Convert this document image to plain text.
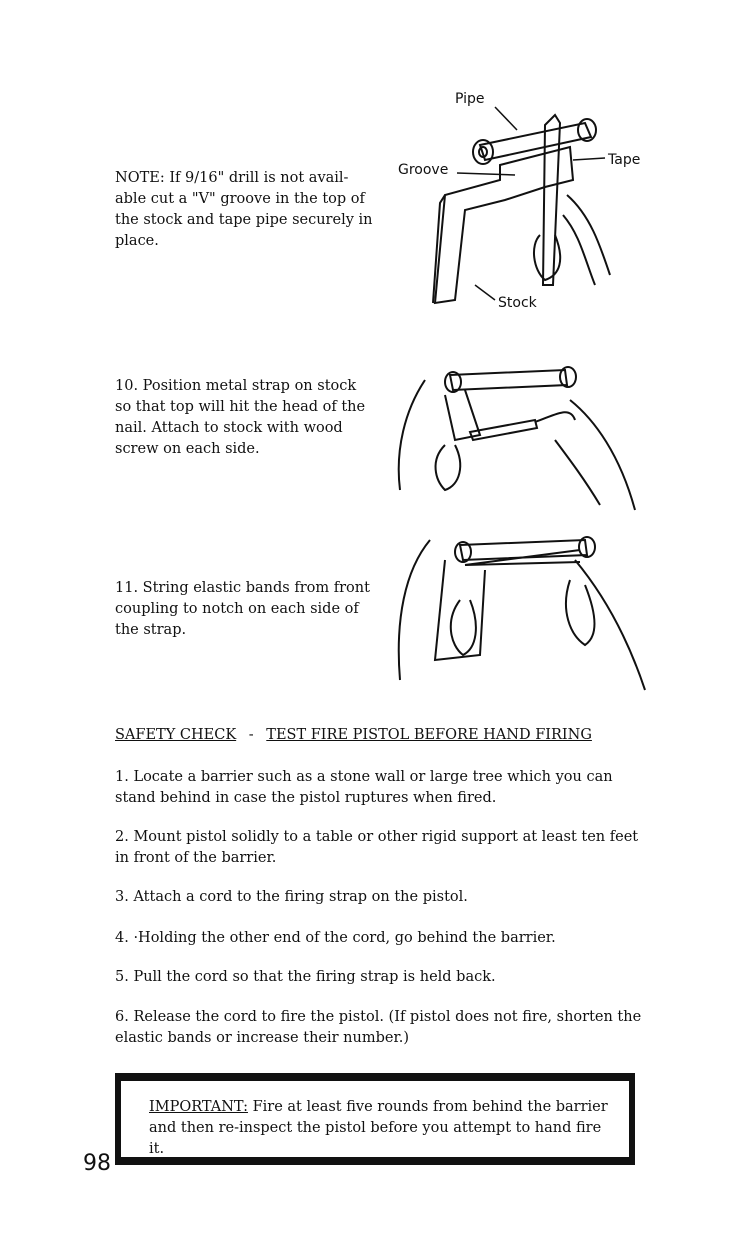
NOTE: If 9/16" drill is not avail-
able cut a "V" groove in the top of
the stock and tape pipe securely in
place.
Pipe
Groove
Tape
Stock
10. Position metal strap on stock
so that top will hit the head of the
nail. Attach to stock with wood
screw on each side.
11. String elastic bands from front
coupling to notch on each side of
the strap.
SAFETY CHECK - TEST FIRE PISTOL BEFORE HAND FIRING
1. Locate a barrier such as a stone wall or large tree which you can stand behind in case the pistol ruptures when fired.
2. Mount pistol solidly to a table or other rigid support at least ten feet in front of the barrier.
3. Attach a cord to the firing strap on the pistol.
4. ·Holding the other end of the cord, go behind the barrier.
5. Pull the cord so that the firing strap is held back.
6. Release the cord to fire the pistol. (If pistol does not fire, shorten the elastic bands or increase their number.)
IMPORTANT: Fire at least five rounds from behind the barrier and then re-inspect the pistol before you attempt to hand fire it.
98
